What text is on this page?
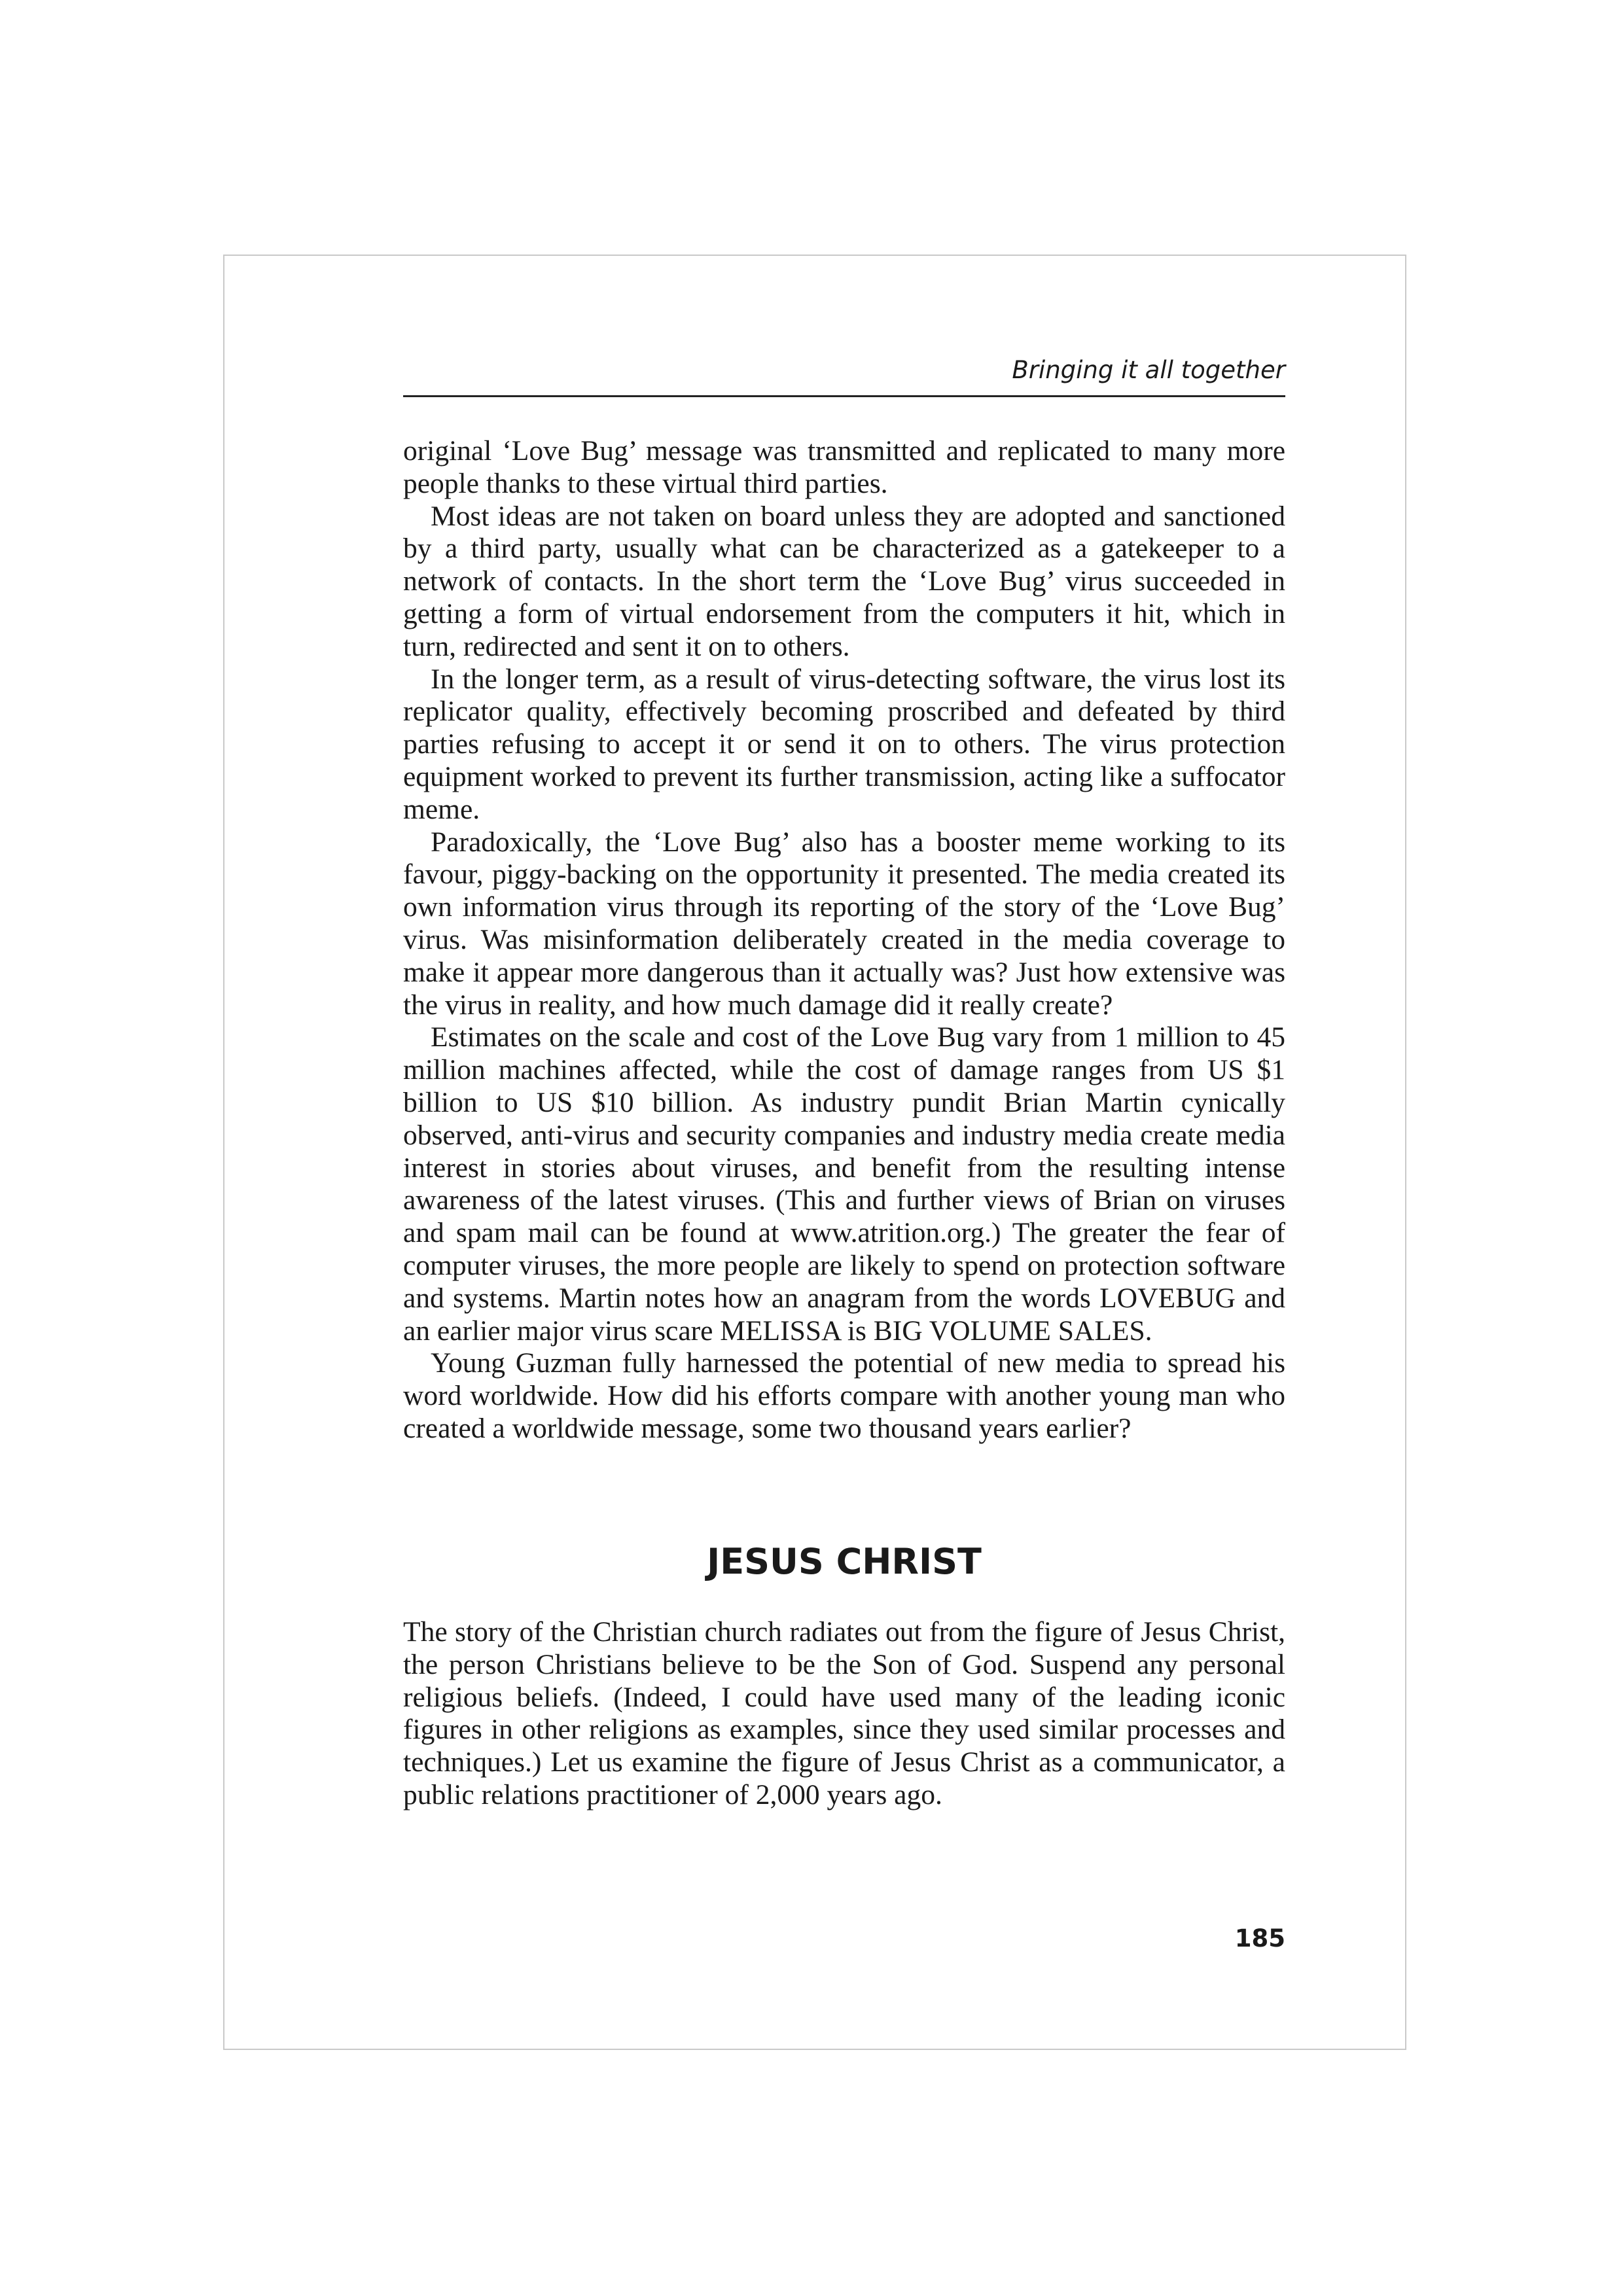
Bringing it all together

original ‘Love Bug’ message was transmitted and replicated to many more people thanks to these virtual third parties.

Most ideas are not taken on board unless they are adopted and sanctioned by a third party, usually what can be characterized as a gatekeeper to a network of contacts. In the short term the ‘Love Bug’ virus succeeded in getting a form of virtual endorsement from the computers it hit, which in turn, redirected and sent it on to others.

In the longer term, as a result of virus-detecting software, the virus lost its replicator quality, effectively becoming proscribed and defeated by third parties refusing to accept it or send it on to others. The virus protection equipment worked to prevent its further transmission, acting like a suffocator meme.

Paradoxically, the ‘Love Bug’ also has a booster meme working to its favour, piggy-backing on the opportunity it presented. The media created its own information virus through its reporting of the story of the ‘Love Bug’ virus. Was misinformation deliberately created in the media coverage to make it appear more dangerous than it actually was? Just how extensive was the virus in reality, and how much damage did it really create?

Estimates on the scale and cost of the Love Bug vary from 1 million to 45 million machines affected, while the cost of damage ranges from US $1 billion to US $10 billion. As industry pundit Brian Martin cynically observed, anti-virus and security companies and industry media create media interest in stories about viruses, and benefit from the resulting intense awareness of the latest viruses. (This and further views of Brian on viruses and spam mail can be found at www.atrition.org.) The greater the fear of computer viruses, the more people are likely to spend on protection software and systems. Martin notes how an anagram from the words LOVEBUG and an earlier major virus scare MELISSA is BIG VOLUME SALES.

Young Guzman fully harnessed the potential of new media to spread his word worldwide. How did his efforts compare with another young man who created a worldwide message, some two thousand years earlier?

JESUS CHRIST

The story of the Christian church radiates out from the figure of Jesus Christ, the person Christians believe to be the Son of God. Suspend any personal religious beliefs. (Indeed, I could have used many of the leading iconic figures in other religions as examples, since they used similar processes and techniques.) Let us examine the figure of Jesus Christ as a communicator, a public relations practitioner of 2,000 years ago.

185
